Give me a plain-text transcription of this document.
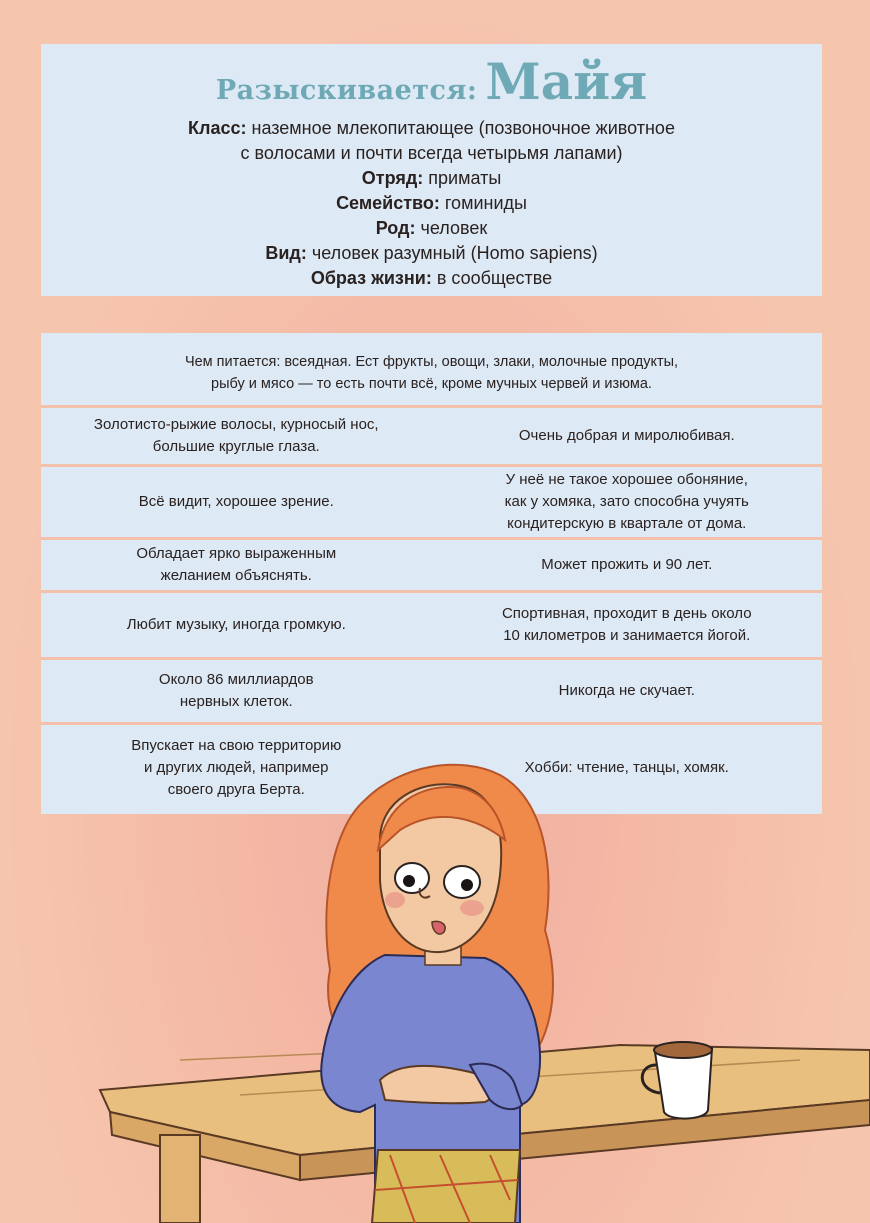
Разыскивается: Майя
Класс: наземное млекопитающее (позвоночное животное
с волосами и почти всегда четырьмя лапами)
Отряд: приматы
Семейство: гоминиды
Род: человек
Вид: человек разумный (Homo sapiens)
Образ жизни: в сообществе
Чем питается: всеядная. Ест фрукты, овощи, злаки, молочные продукты,
рыбу и мясо — то есть почти всё, кроме мучных червей и изюма.
Золотисто-рыжие волосы, курносый нос,
большие круглые глаза.
Очень добрая и миролюбивая.
Всё видит, хорошее зрение.
У неё не такое хорошее обоняние,
как у хомяка, зато способна учуять
кондитерскую в квартале от дома.
Обладает ярко выраженным
желанием объяснять.
Может прожить и 90 лет.
Любит музыку, иногда громкую.
Спортивная, проходит в день около
10 километров и занимается йогой.
Около 86 миллиардов
нервных клеток.
Никогда не скучает.
Впускает на свою территорию
и других людей, например
своего друга Берта.
Хобби: чтение, танцы, хомяк.
